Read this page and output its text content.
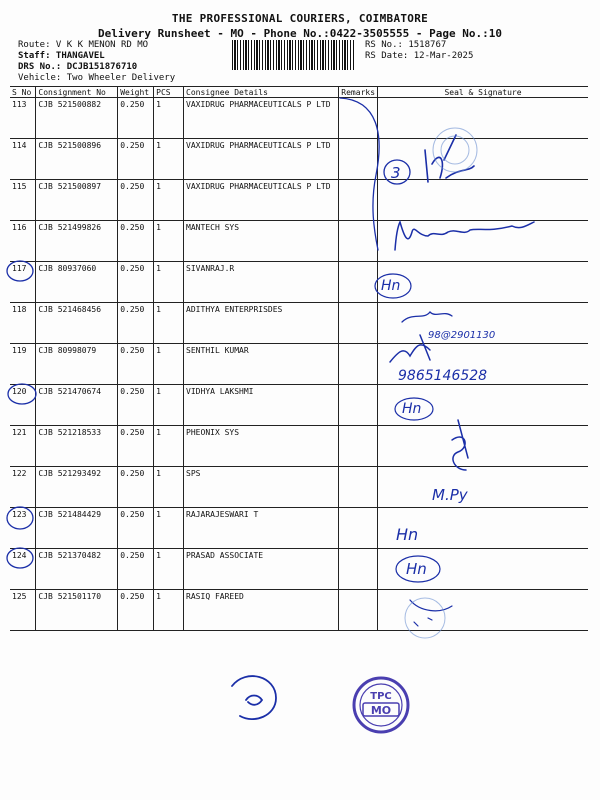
THE PROFESSIONAL COURIERS, COIMBATORE
Delivery Runsheet - MO - Phone No.:0422-3505555 - Page No.:10
Route: V K K MENON RD MO
Staff: THANGAVEL
DRS No.: DCJB151876710
Vehicle: Two Wheeler Delivery
RS No.: 1518767
RS Date: 12-Mar-2025
S No	Consignment No	Weight	PCS	Consignee Details	Remarks	Seal & Signature
113	CJB 521500882	0.250	1	VAXIDRUG PHARMACEUTICALS P LTD		
114	CJB 521500896	0.250	1	VAXIDRUG PHARMACEUTICALS P LTD		
115	CJB 521500897	0.250	1	VAXIDRUG PHARMACEUTICALS P LTD		
116	CJB 521499826	0.250	1	MANTECH SYS		
117	CJB 80937060	0.250	1	SIVANRAJ.R		
118	CJB 521468456	0.250	1	ADITHYA ENTERPRISDES		
119	CJB 80998079	0.250	1	SENTHIL KUMAR		
120	CJB 521470674	0.250	1	VIDHYA LAKSHMI		
121	CJB 521218533	0.250	1	PHEONIX SYS		
122	CJB 521293492	0.250	1	SPS		
123	CJB 521484429	0.250	1	RAJARAJESWARI T		
124	CJB 521370482	0.250	1	PRASAD ASSOCIATE		
125	CJB 521501170	0.250	1	RASIQ FAREED		
3
Hn
98@2901130
9865146528
Hn
M.Py
Hn
Hn
TPC
MO
